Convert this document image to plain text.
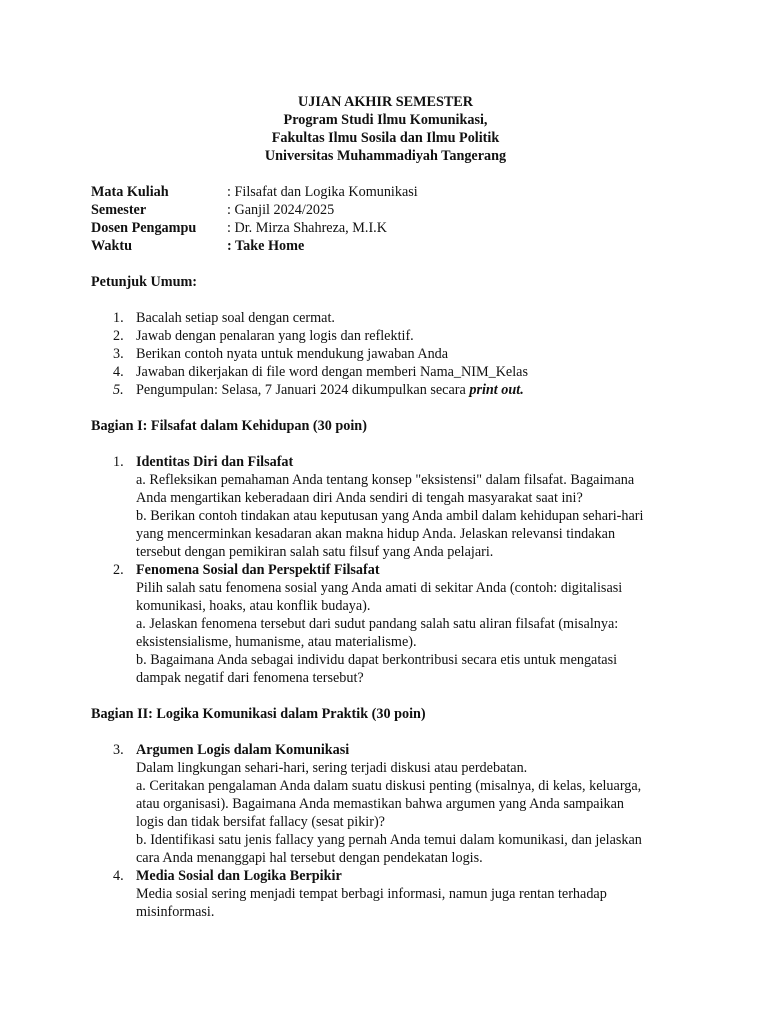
UJIAN AKHIR SEMESTER
Program Studi Ilmu Komunikasi,
Fakultas Ilmu Sosila dan Ilmu Politik
Universitas Muhammadiyah Tangerang
Mata Kuliah	: Filsafat dan Logika Komunikasi
Semester	: Ganjil 2024/2025
Dosen Pengampu	: Dr. Mirza Shahreza, M.I.K
Waktu	: Take Home
Petunjuk Umum:
1. Bacalah setiap soal dengan cermat.
2. Jawab dengan penalaran yang logis dan reflektif.
3. Berikan contoh nyata untuk mendukung jawaban Anda
4. Jawaban dikerjakan di file word dengan memberi Nama_NIM_Kelas
5. Pengumpulan: Selasa, 7 Januari 2024 dikumpulkan secara print out.
Bagian I: Filsafat dalam Kehidupan (30 poin)
1. Identitas Diri dan Filsafat
a. Refleksikan pemahaman Anda tentang konsep "eksistensi" dalam filsafat. Bagaimana
Anda mengartikan keberadaan diri Anda sendiri di tengah masyarakat saat ini?
b. Berikan contoh tindakan atau keputusan yang Anda ambil dalam kehidupan sehari-hari
yang mencerminkan kesadaran akan makna hidup Anda. Jelaskan relevansi tindakan
tersebut dengan pemikiran salah satu filsuf yang Anda pelajari.
2. Fenomena Sosial dan Perspektif Filsafat
Pilih salah satu fenomena sosial yang Anda amati di sekitar Anda (contoh: digitalisasi
komunikasi, hoaks, atau konflik budaya).
a. Jelaskan fenomena tersebut dari sudut pandang salah satu aliran filsafat (misalnya:
eksistensialisme, humanisme, atau materialisme).
b. Bagaimana Anda sebagai individu dapat berkontribusi secara etis untuk mengatasi
dampak negatif dari fenomena tersebut?
Bagian II: Logika Komunikasi dalam Praktik (30 poin)
3. Argumen Logis dalam Komunikasi
Dalam lingkungan sehari-hari, sering terjadi diskusi atau perdebatan.
a. Ceritakan pengalaman Anda dalam suatu diskusi penting (misalnya, di kelas, keluarga,
atau organisasi). Bagaimana Anda memastikan bahwa argumen yang Anda sampaikan
logis dan tidak bersifat fallacy (sesat pikir)?
b. Identifikasi satu jenis fallacy yang pernah Anda temui dalam komunikasi, dan jelaskan
cara Anda menanggapi hal tersebut dengan pendekatan logis.
4. Media Sosial dan Logika Berpikir
Media sosial sering menjadi tempat berbagi informasi, namun juga rentan terhadap
misinformasi.
